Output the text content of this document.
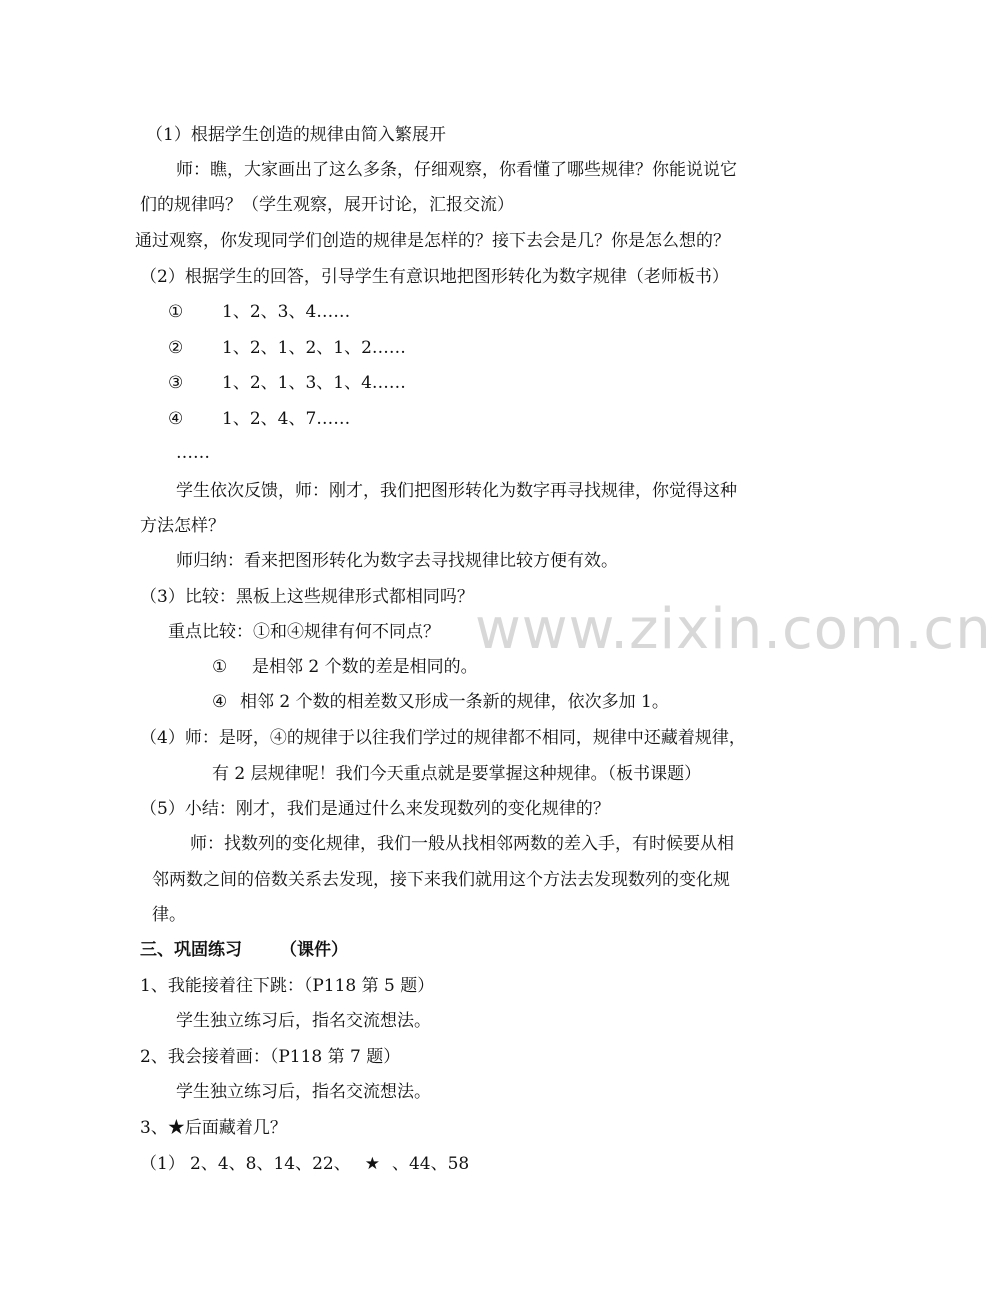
www.zixin.com.cn
（1）根据学生创造的规律由简入繁展开
师：瞧，大家画出了这么多条，仔细观察，你看懂了哪些规律？你能说说它
们的规律吗？（学生观察，展开讨论，汇报交流）
通过观察，你发现同学们创造的规律是怎样的？接下去会是几？你是怎么想的？
（2）根据学生的回答，引导学生有意识地把图形转化为数字规律（老师板书）
① 1、2、3、4……
② 1、2、1、2、1、2……
③ 1、2、1、3、1、4……
④ 1、2、4、7……
……
学生依次反馈，师：刚才，我们把图形转化为数字再寻找规律，你觉得这种
方法怎样？
师归纳：看来把图形转化为数字去寻找规律比较方便有效。
（3）比较：黑板上这些规律形式都相同吗？
重点比较：①和④规律有何不同点？
① 是相邻 2 个数的差是相同的。
④ 相邻 2 个数的相差数又形成一条新的规律，依次多加 1。
（4）师：是呀，④的规律于以往我们学过的规律都不相同，规律中还藏着规律，
有 2 层规律呢！我们今天重点就是要掌握这种规律。（板书课题）
（5）小结：刚才，我们是通过什么来发现数列的变化规律的？
师：找数列的变化规律，我们一般从找相邻两数的差入手，有时候要从相
邻两数之间的倍数关系去发现，接下来我们就用这个方法去发现数列的变化规
律。
三、巩固练习 （课件）
1、我能接着往下跳：（P118 第 5 题）
学生独立练习后，指名交流想法。
2、我会接着画：（P118 第 7 题）
学生独立练习后，指名交流想法。
3、★后面藏着几？
（1） 2、4、8、14、22、 ★ 、44、58
